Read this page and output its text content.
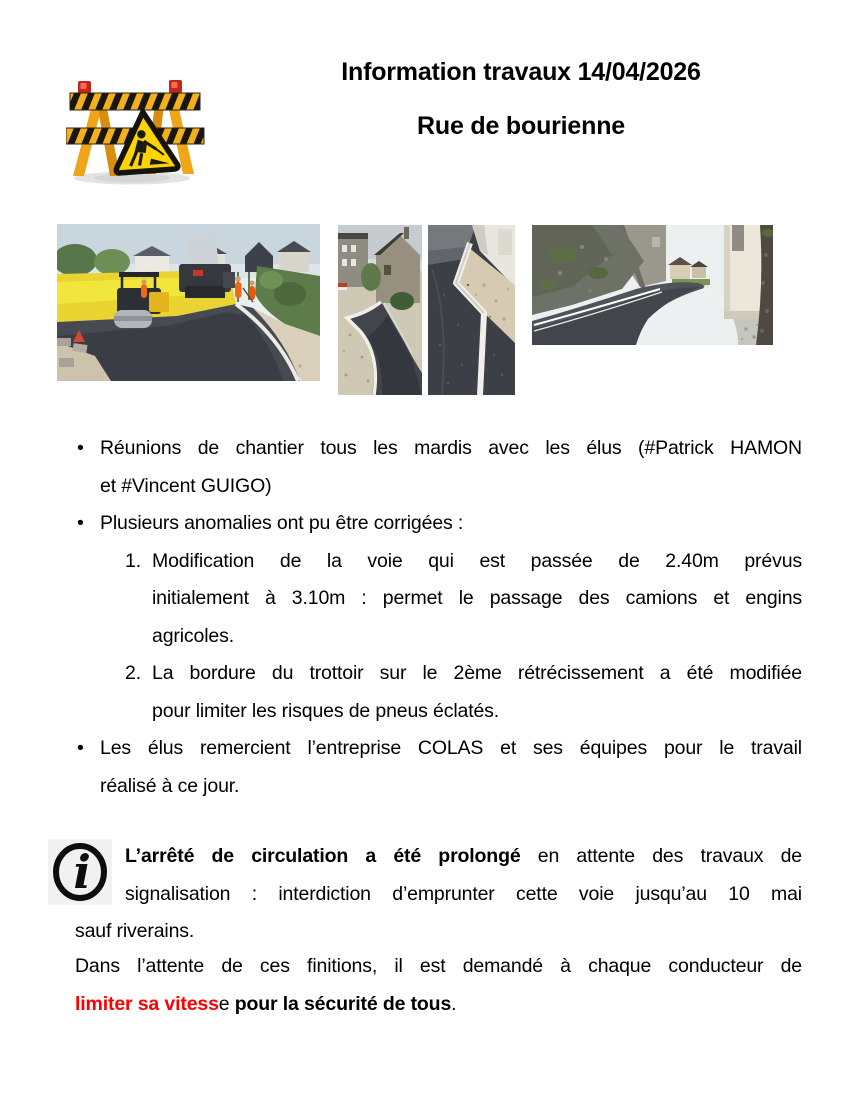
Information travaux 14/04/2026
Rue de bourienne
• Réunions de chantier tous les mardis avec les élus (#Patrick HAMON
et #Vincent GUIGO)
• Plusieurs anomalies ont pu être corrigées :
1. Modification de la voie qui est passée de 2.40m prévus
initialement à 3.10m : permet le passage des camions et engins
agricoles.
2. La bordure du trottoir sur le 2ème rétrécissement a été modifiée
pour limiter les risques de pneus éclatés.
• Les élus remercient l’entreprise COLAS et ses équipes pour le travail
réalisé à ce jour.
i	L’arrêté de circulation a été prolongé en attente des travaux de
signalisation : interdiction d’emprunter cette voie jusqu’au 10 mai
sauf riverains.
Dans l’attente de ces finitions, il est demandé à chaque conducteur de
limiter sa vitesse pour la sécurité de tous.
